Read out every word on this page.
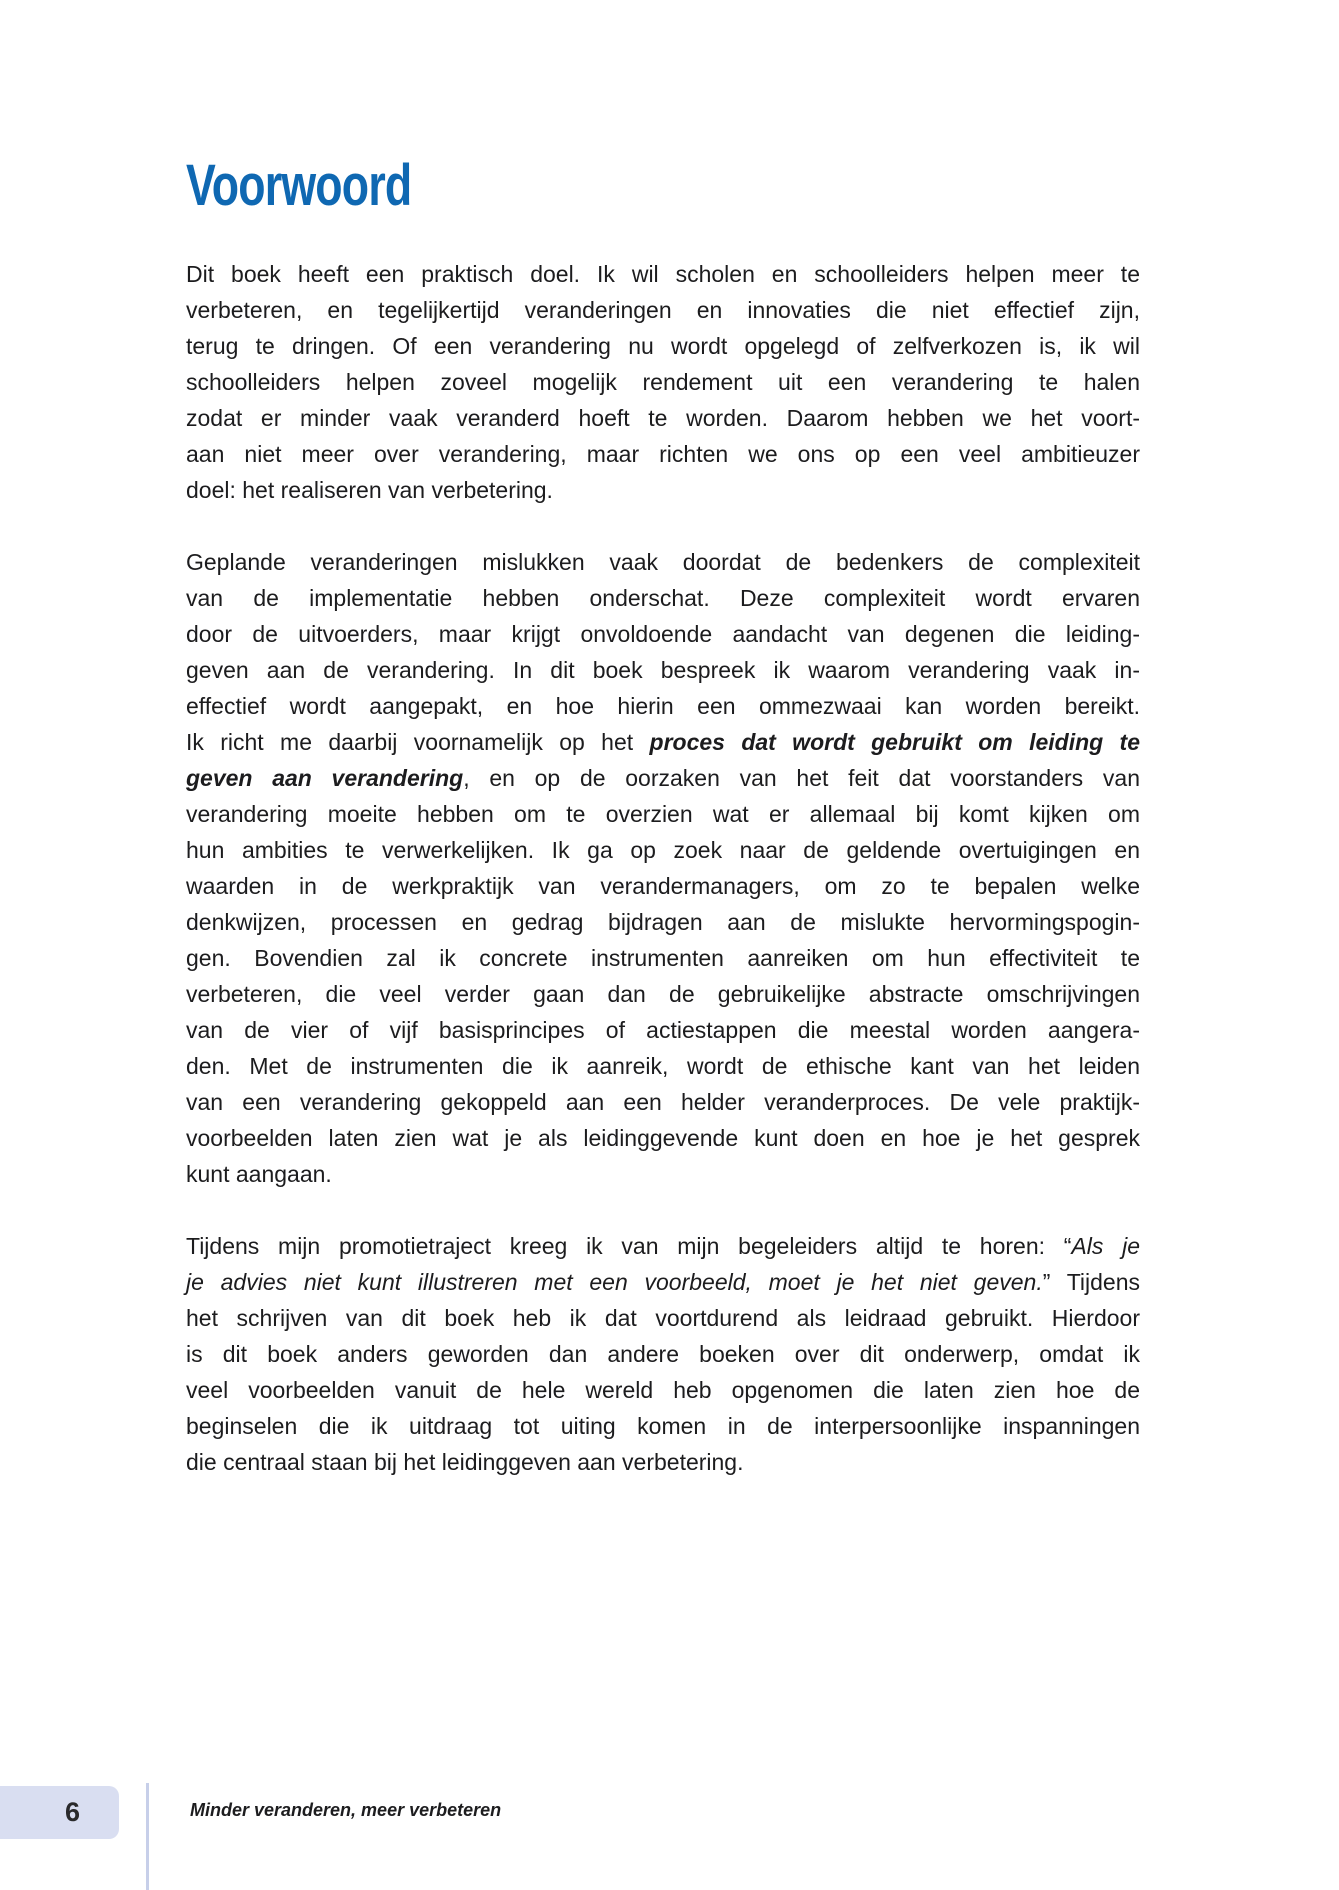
Voorwoord
Dit boek heeft een praktisch doel. Ik wil scholen en schoolleiders helpen meer te
verbeteren, en tegelijkertijd veranderingen en innovaties die niet effectief zijn,
terug te dringen. Of een verandering nu wordt opgelegd of zelfverkozen is, ik wil
schoolleiders helpen zoveel mogelijk rendement uit een verandering te halen
zodat er minder vaak veranderd hoeft te worden. Daarom hebben we het voort-
aan niet meer over verandering, maar richten we ons op een veel ambitieuzer
doel: het realiseren van verbetering.
Geplande veranderingen mislukken vaak doordat de bedenkers de complexiteit
van de implementatie hebben onderschat. Deze complexiteit wordt ervaren
door de uitvoerders, maar krijgt onvoldoende aandacht van degenen die leiding-
geven aan de verandering. In dit boek bespreek ik waarom verandering vaak in-
effectief wordt aangepakt, en hoe hierin een ommezwaai kan worden bereikt.
Ik richt me daarbij voornamelijk op het proces dat wordt gebruikt om leiding te
geven aan verandering, en op de oorzaken van het feit dat voorstanders van
verandering moeite hebben om te overzien wat er allemaal bij komt kijken om
hun ambities te verwerkelijken. Ik ga op zoek naar de geldende overtuigingen en
waarden in de werkpraktijk van verandermanagers, om zo te bepalen welke
denkwijzen, processen en gedrag bijdragen aan de mislukte hervormingspogin-
gen. Bovendien zal ik concrete instrumenten aanreiken om hun effectiviteit te
verbeteren, die veel verder gaan dan de gebruikelijke abstracte omschrijvingen
van de vier of vijf basisprincipes of actiestappen die meestal worden aangera-
den. Met de instrumenten die ik aanreik, wordt de ethische kant van het leiden
van een verandering gekoppeld aan een helder veranderproces. De vele praktijk-
voorbeelden laten zien wat je als leidinggevende kunt doen en hoe je het gesprek
kunt aangaan.
Tijdens mijn promotietraject kreeg ik van mijn begeleiders altijd te horen: “Als je
je advies niet kunt illustreren met een voorbeeld, moet je het niet geven.” Tijdens
het schrijven van dit boek heb ik dat voortdurend als leidraad gebruikt. Hierdoor
is dit boek anders geworden dan andere boeken over dit onderwerp, omdat ik
veel voorbeelden vanuit de hele wereld heb opgenomen die laten zien hoe de
beginselen die ik uitdraag tot uiting komen in de interpersoonlijke inspanningen
die centraal staan bij het leidinggeven aan verbetering.
6	Minder veranderen, meer verbeteren
